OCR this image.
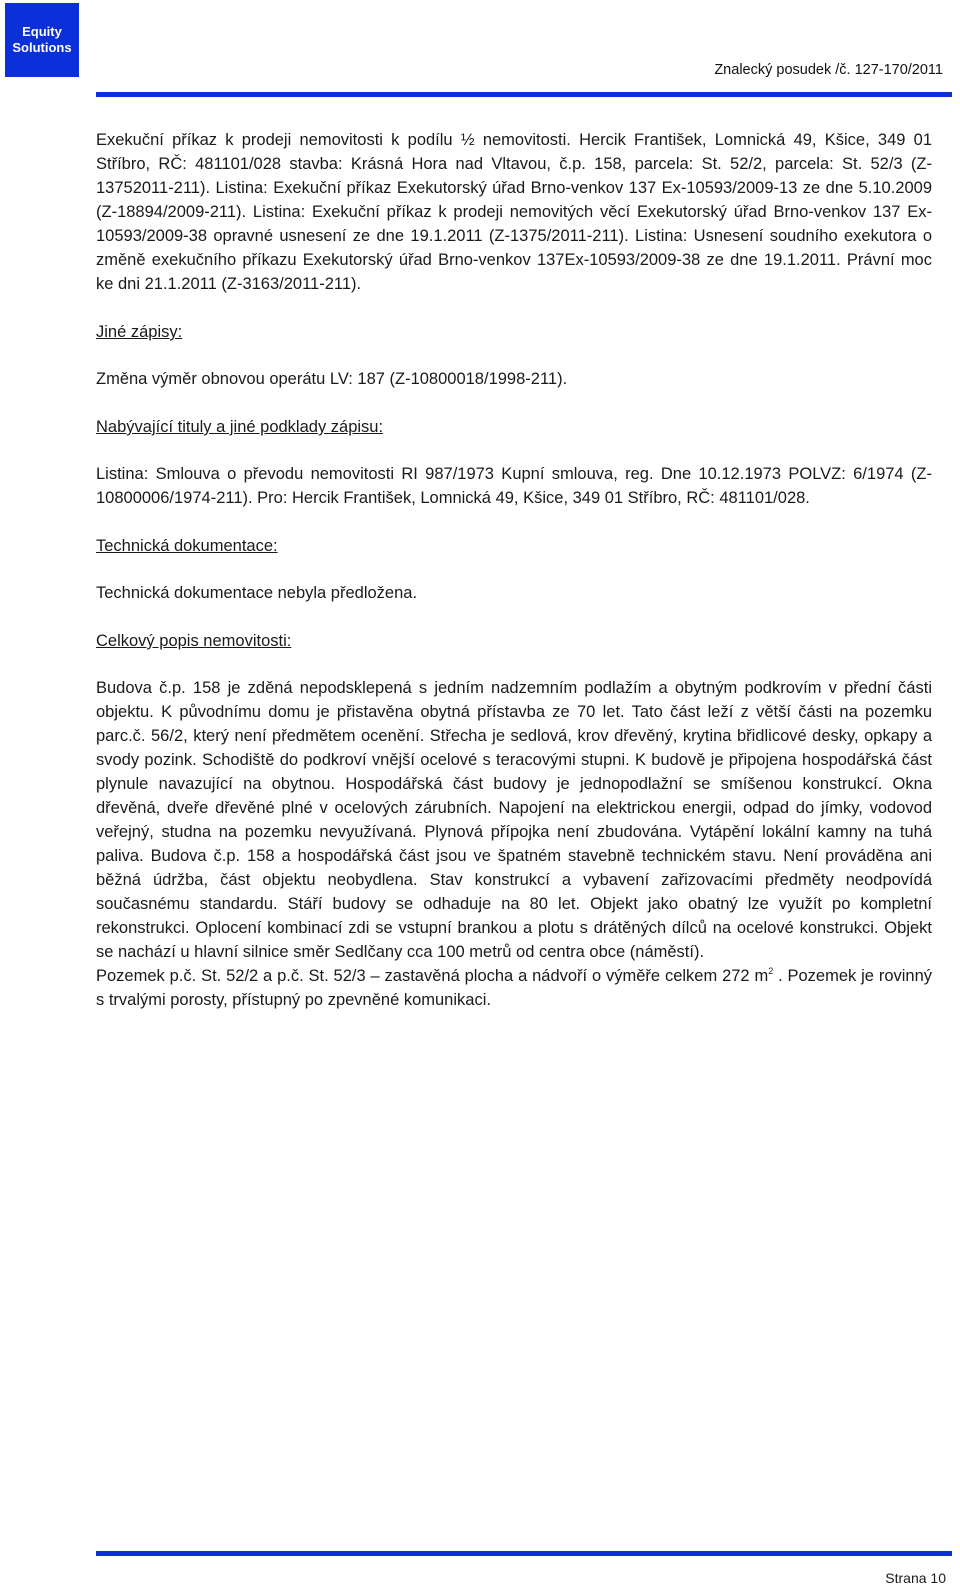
Equity
Solutions
Znalecký posudek /č. 127-170/2011

Exekuční příkaz k prodeji nemovitosti k podílu ½ nemovitosti. Hercik František, Lomnická 49, Kšice, 349 01 Stříbro, RČ: 481101/028 stavba: Krásná Hora nad Vltavou, č.p. 158, parcela: St. 52/2, parcela: St. 52/3 (Z-13752011-211). Listina: Exekuční příkaz Exekutorský úřad Brno-venkov 137 Ex-10593/2009-13 ze dne 5.10.2009 (Z-18894/2009-211). Listina: Exekuční příkaz k prodeji nemovitých věcí Exekutorský úřad Brno-venkov 137 Ex-10593/2009-38 opravné usnesení ze dne 19.1.2011 (Z-1375/2011-211). Listina: Usnesení soudního exekutora o změně exekučního příkazu Exekutorský úřad Brno-venkov 137Ex-10593/2009-38 ze dne 19.1.2011. Právní moc ke dni 21.1.2011 (Z-3163/2011-211).

Jiné zápisy:

Změna výměr obnovou operátu LV: 187 (Z-10800018/1998-211).

Nabývající tituly a jiné podklady zápisu:

Listina: Smlouva o převodu nemovitosti RI 987/1973 Kupní smlouva, reg. Dne 10.12.1973 POLVZ: 6/1974 (Z-10800006/1974-211). Pro: Hercik František, Lomnická 49, Kšice, 349 01 Stříbro, RČ: 481101/028.

Technická dokumentace:

Technická dokumentace nebyla předložena.

Celkový popis nemovitosti:

Budova č.p. 158 je zděná nepodsklepená s jedním nadzemním podlažím a obytným podkrovím v přední části objektu. K původnímu domu je přistavěna obytná přístavba ze 70 let. Tato část leží z větší části na pozemku parc.č. 56/2, který není předmětem ocenění. Střecha je sedlová, krov dřevěný, krytina břidlicové desky, opkapy a svody pozink. Schodiště do podkroví vnější ocelové s teracovými stupni. K budově je připojena hospodářská část plynule navazující na obytnou. Hospodářská část budovy je jednopodlažní se smíšenou konstrukcí. Okna dřevěná, dveře dřevěné plné v ocelových zárubních. Napojení na elektrickou energii, odpad do jímky, vodovod veřejný, studna na pozemku nevyužívaná. Plynová přípojka není zbudována. Vytápění lokální kamny na tuhá paliva. Budova č.p. 158 a hospodářská část jsou ve špatném stavebně technickém stavu. Není prováděna ani běžná údržba, část objektu neobydlena. Stav konstrukcí a vybavení zařizovacími předměty neodpovídá současnému standardu. Stáří budovy se odhaduje na 80 let. Objekt jako obatný lze využít po kompletní rekonstrukci. Oplocení kombinací zdi se vstupní brankou a plotu s drátěných dílců na ocelové konstrukci. Objekt se nachází u hlavní silnice směr Sedlčany cca 100 metrů od centra obce (náměstí).

Pozemek p.č. St. 52/2 a p.č. St. 52/3 – zastavěná plocha a nádvoří o výměře celkem 272 $m^2$ . Pozemek je rovinný s trvalými porosty, přístupný po zpevněné komunikaci.

Strana 10
